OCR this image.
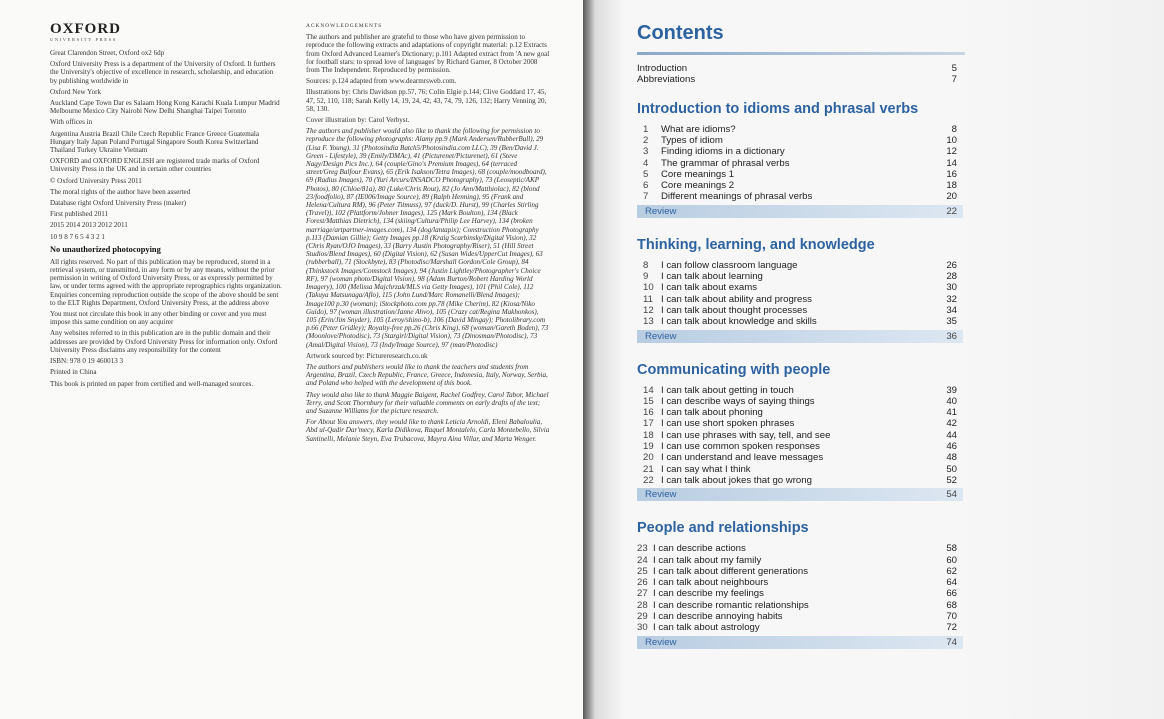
OXFORD
UNIVERSITY PRESS

Great Clarendon Street, Oxford ox2 6dp

Oxford University Press is a department of the University of Oxford. It furthers the University's objective of excellence in research, scholarship, and education by publishing worldwide in

Oxford New York

Auckland Cape Town Dar es Salaam Hong Kong Karachi Kuala Lumpur Madrid Melbourne Mexico City Nairobi New Delhi Shanghai Taipei Toronto

With offices in

Argentina Austria Brazil Chile Czech Republic France Greece Guatemala Hungary Italy Japan Poland Portugal Singapore South Korea Switzerland Thailand Turkey Ukraine Vietnam

OXFORD and OXFORD ENGLISH are registered trade marks of Oxford University Press in the UK and in certain other countries

© Oxford University Press 2011

The moral rights of the author have been asserted

Database right Oxford University Press (maker)

First published 2011

2015 2014 2013 2012 2011

10 9 8 7 6 5 4 3 2 1

No unauthorized photocopying

All rights reserved. No part of this publication may be reproduced, stored in a retrieval system, or transmitted, in any form or by any means, without the prior permission in writing of Oxford University Press, or as expressly permitted by law, or under terms agreed with the appropriate reprographics rights organization. Enquiries concerning reproduction outside the scope of the above should be sent to the ELT Rights Department, Oxford University Press, at the address above

You must not circulate this book in any other binding or cover and you must impose this same condition on any acquirer

Any websites referred to in this publication are in the public domain and their addresses are provided by Oxford University Press for information only. Oxford University Press disclaims any responsibility for the content

ISBN: 978 0 19 460013 3

Printed in China

This book is printed on paper from certified and well-managed sources.

ACKNOWLEDGEMENTS

The authors and publisher are grateful to those who have given permission to reproduce the following extracts and adaptations of copyright material: p.12 Extracts from Oxford Advanced Learner's Dictionary; p.101 Adapted extract from 'A new goal for football stars: to spread love of languages' by Richard Garner, 8 October 2008 from The Independent. Reproduced by permission.

Sources: p.124 adapted from www.dearmrsweb.com.

Illustrations by: Chris Davidson pp.57, 76; Colin Elgie p.144; Clive Goddard 17, 45, 47, 52, 110, 118; Sarah Kelly 14, 19, 24, 42, 43, 74, 79, 126, 132; Harry Venning 20, 58, 130.

Cover illustration by: Carol Verbyst.

The authors and publisher would also like to thank the following for permission to reproduce the following photographs: Alamy pp.9 (Mark Andersen/RubberBall), 29 (Lisa F. Young), 31 (Photosindia Batch5/Photosindia.com LLC), 39 (Ben/David J. Green - Lifestyle), 39 (Emily/DMAc), 41 (Picturenet/Picturenet), 61 (Steve Nagy/Design Pics Inc.), 64 (couple/Gino's Premium Images), 64 (terraced street/Greg Balfour Evans), 65 (Erik Isakson/Tetra Images), 68 (couple/moodboard), 69 (Radius Images), 70 (Yuri Arcurs/INSADCO Photography), 73 (Leoseptic/AKP Photos), 80 (Chloe/81a), 80 (Luke/Chris Rout), 82 (Jo Ann/Matthiolac), 82 (blond 23/foodfolio), 87 (IE006/Image Source), 89 (Ralph Henning), 95 (Frank and Helena/Cultura RM), 96 (Peter Titmuss), 97 (duck/D. Hurst), 99 (Charles Stirling (Travel)), 102 (Plattform/Johner Images), 125 (Mark Boulton), 134 (Black Forest/Matthias Dietrich), 134 (skiing/Cultura/Philip Lee Harvey), 134 (broken marriage/artpartner-images.com), 134 (dog/lantapix); Construction Photography p.113 (Damian Gillie); Getty Images pp.18 (Kraig Scarbinsky/Digital Vision), 32 (Chris Ryan/OJO Images), 33 (Barry Austin Photography/Riser), 51 (Hill Street Studios/Blend Images), 60 (Digital Vision), 62 (Susan Wides/UpperCut Images), 63 (rubberball), 71 (Stockbyte), 83 (Photodisc/Marshall Gordon/Cole Group), 84 (Thinkstock Images/Comstock Images), 94 (Justin Lightley/Photographer's Choice RF), 97 (woman photo/Digital Vision), 98 (Adam Burton/Robert Harding World Imagery), 100 (Melissa Majchrzak/MLS via Getty Images), 101 (Phil Cole), 112 (Takuya Matsunaga/Aflo), 115 (John Lund/Marc Romanelli/Blend Images); Image100 p.30 (woman); iStockphoto.com pp.78 (Mike Cherim), 82 (Kiosa/Niko Guido), 97 (woman illustration/Janne Ahvo), 105 (Crazy cat/Regina Makhonkos), 105 (Erin/Jim Snyder), 105 (Leroy/shino-b), 106 (David Mingay); Photolibrary.com p.66 (Peter Gridley); Royalty-free pp.26 (Chris King), 68 (woman/Gareth Boden), 73 (Moonlove/Photodisc), 73 (Stargirl/Digital Vision), 73 (Dinosman/Photodisc), 73 (Amal/Digital Vision), 73 (Indy/Image Source), 97 (man/Photodisc)

Artwork sourced by: Pictureresearch.co.uk

The authors and publishers would like to thank the teachers and students from Argentina, Brazil, Czech Republic, France, Greece, Indonesia, Italy, Norway, Serbia, and Poland who helped with the development of this book.

They would also like to thank Maggie Baigent, Rachel Godfrey, Carol Tabor, Michael Terry, and Scott Thornbury for their valuable comments on early drafts of the text; and Suzanne Williams for the picture research.

For About You answers, they would like to thank Leticia Arnoldi, Eleni Babaloulia, Abd ul-Qadir Dar'mecy, Karla Didikova, Raquel Montalelo, Carla Montebello, Silvia Santinelli, Melanie Steyn, Eva Trubacova, Mayra Aina Villar, and Marta Wenger.

Contents
Introduction	5
Abbreviations	7
Introduction to idioms and phrasal verbs
1	What are idioms?	8
2	Types of idiom	10
3	Finding idioms in a dictionary	12
4	The grammar of phrasal verbs	14
5	Core meanings 1	16
6	Core meanings 2	18
7	Different meanings of phrasal verbs	20
Review	22
Thinking, learning, and knowledge
8	I can follow classroom language	26
9	I can talk about learning	28
10 I can talk about exams	30
11 I can talk about ability and progress	32
12 I can talk about thought processes	34
13 I can talk about knowledge and skills	35
Review	36
Communicating with people
14 I can talk about getting in touch	39
15 I can describe ways of saying things	40
16 I can talk about phoning	41
17 I can use short spoken phrases	42
18 I can use phrases with say, tell, and see	44
19 I can use common spoken responses	46
20 I can understand and leave messages	48
21 I can say what I think	50
22 I can talk about jokes that go wrong	52
Review	54
People and relationships
23 I can describe actions	58
24 I can talk about my family	60
25 I can talk about different generations	62
26 I can talk about neighbours	64
27 I can describe my feelings	66
28 I can describe romantic relationships	68
29 I can describe annoying habits	70
30 I can talk about astrology	72
Review	74
